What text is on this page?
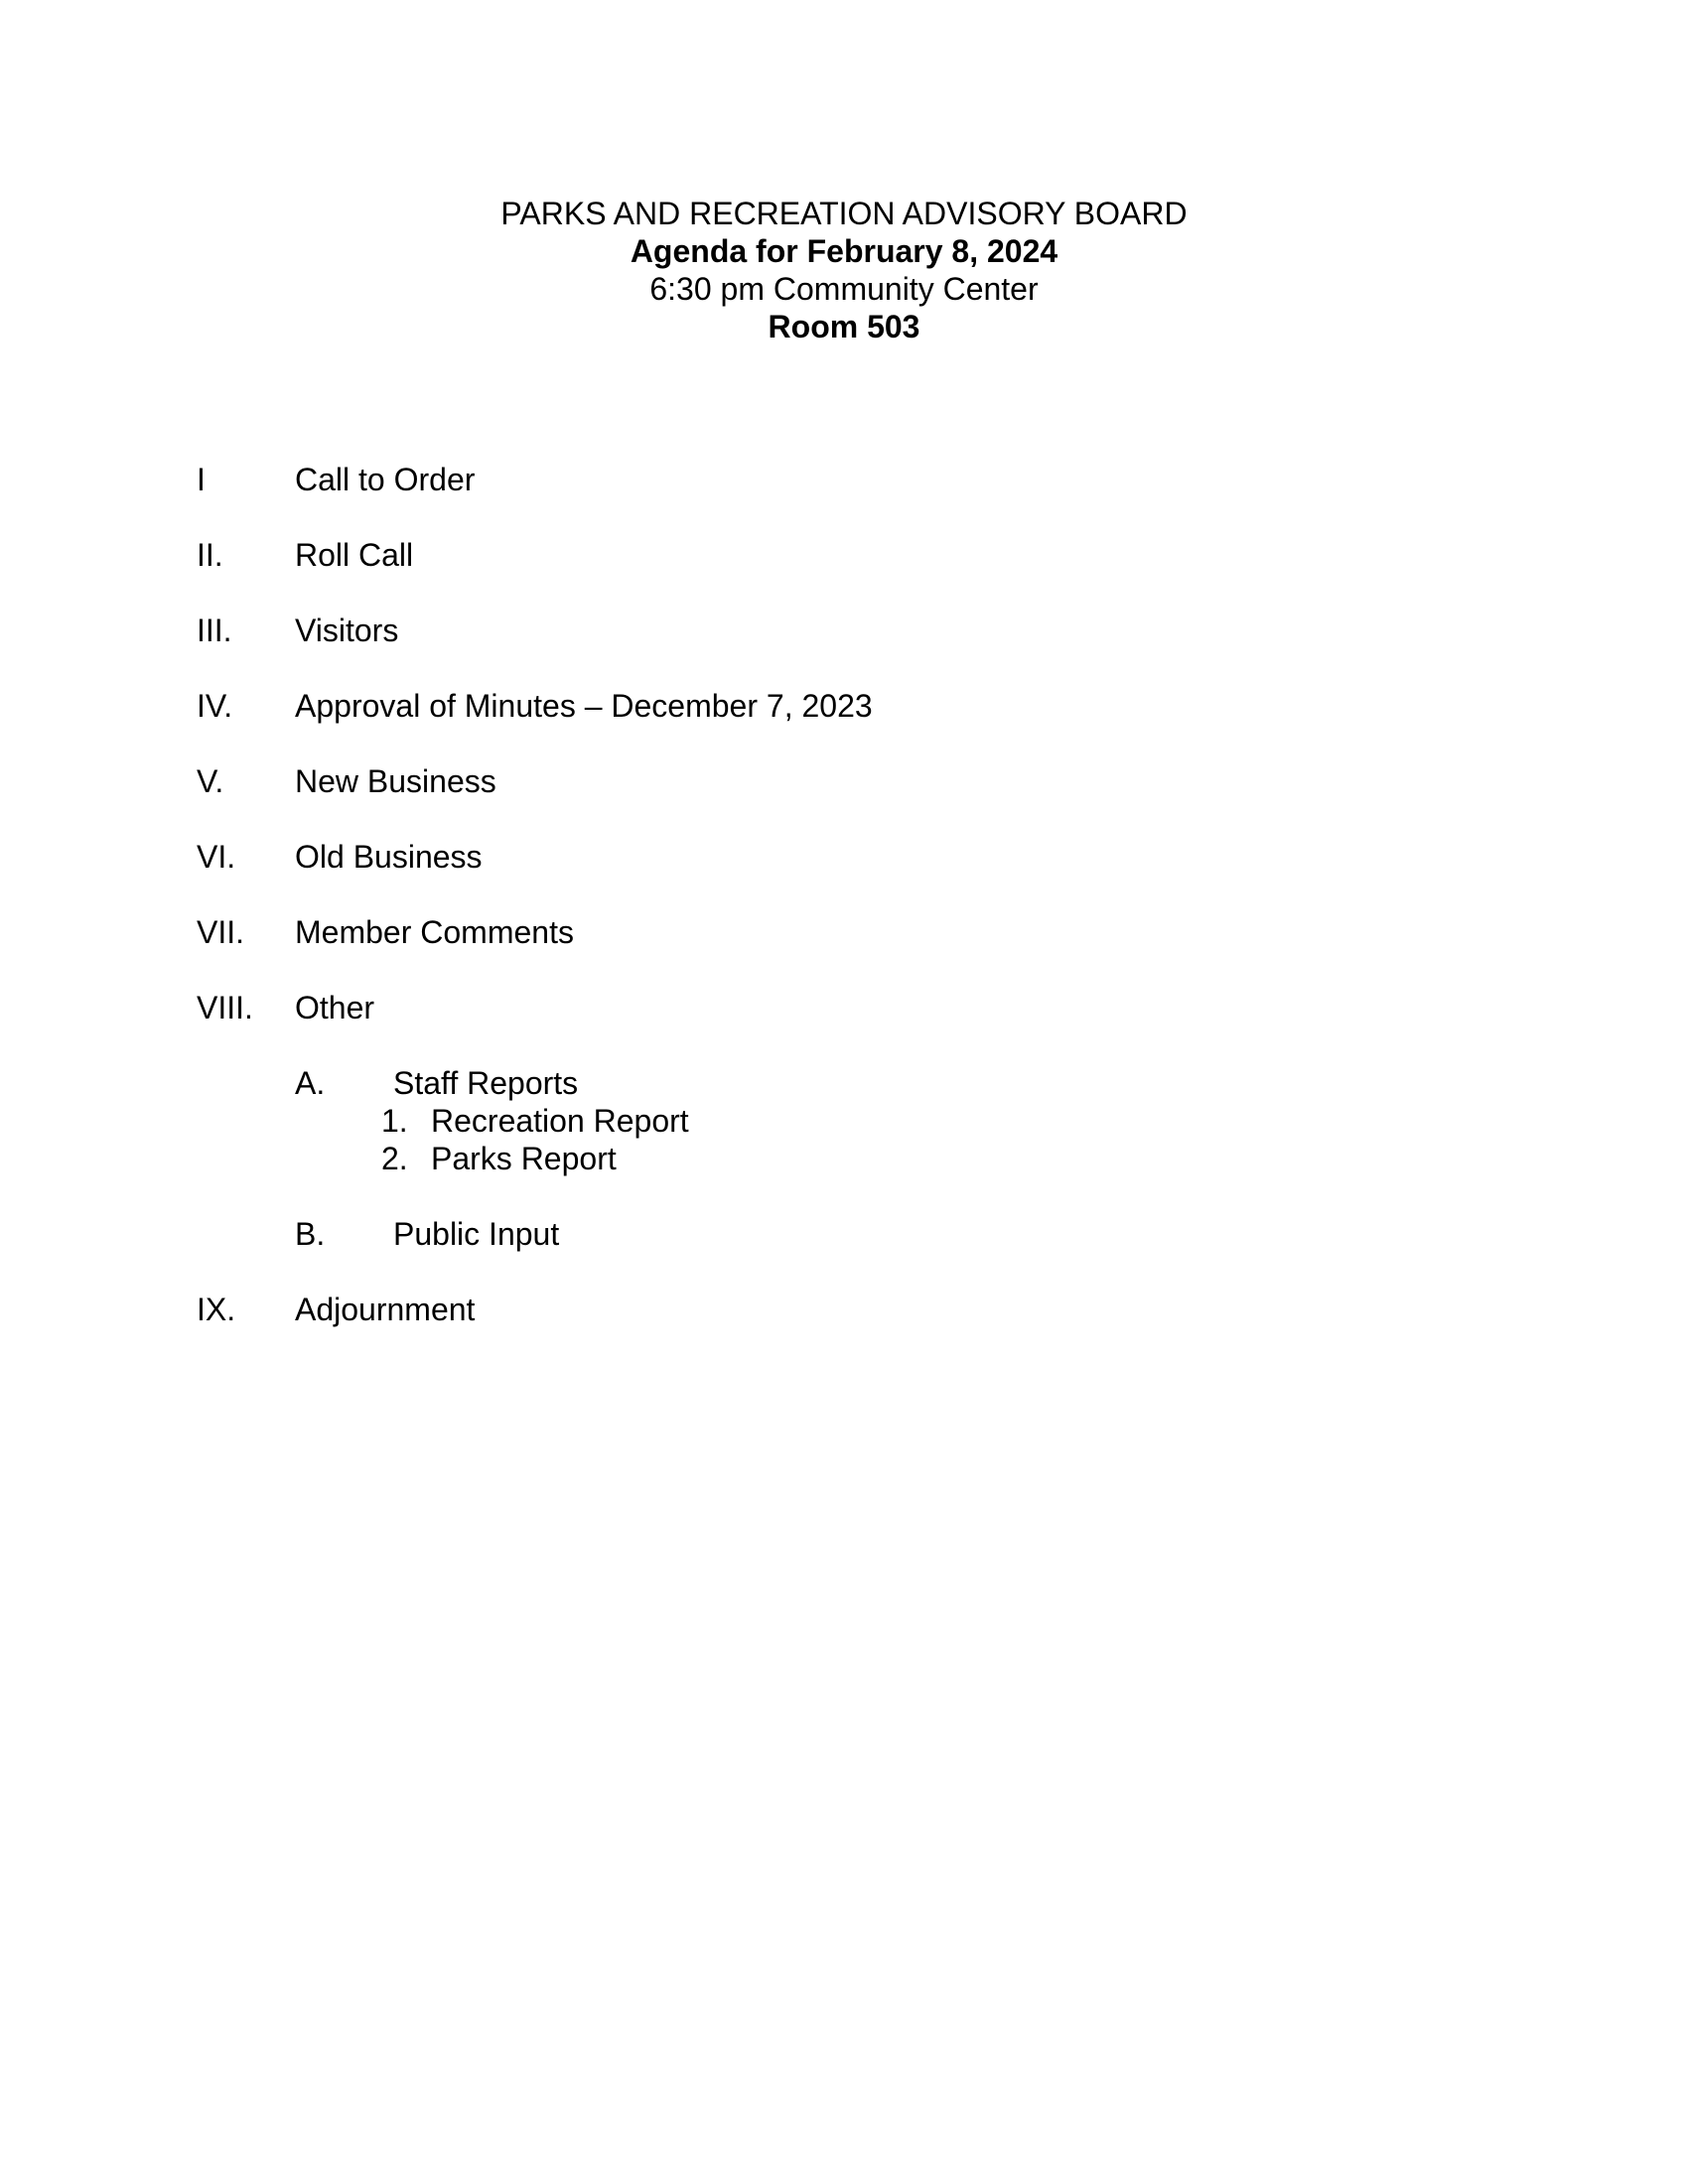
PARKS AND RECREATION ADVISORY BOARD
Agenda for February 8, 2024
6:30 pm Community Center
Room 503
I	Call to Order
II. Roll Call
III. Visitors
IV. Approval of Minutes – December 7, 2023
V. New Business
VI. Old Business
VII. Member Comments
VIII. Other
A. Staff Reports
1. Recreation Report
2. Parks Report
B. Public Input
IX. Adjournment
